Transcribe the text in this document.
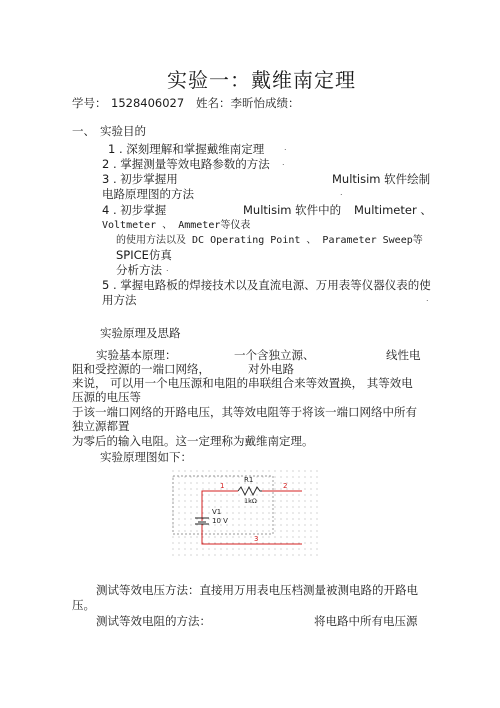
实验一：戴维南定理
学号： 1528406027 姓名：李昕怡成绩：
一、 实验目的
1 . 深刻理解和掌握戴维南定理 .
2 . 掌握测量等效电路参数的方法 .
3 . 初步掌握用	Multisim 软件绘制
电路原理图的方法	.
4 . 初步掌握	Multisim 软件中的 Multimeter 、
Voltmeter 、 Ammeter等仪表
的使用方法以及 DC Operating Point 、 Parameter Sweep等
SPICE仿真
分析方法 .
5 . 掌握电路板的焊接技术以及直流电源、万用表等仪器仪表的使
用方法	.
实验原理及思路
实验基本原理：	一个含独立源、	线性电
阻和受控源的一端口网络，	对外电路
来说， 可以用一个电压源和电阻的串联组合来等效置换， 其等效电
压源的电压等
于该一端口网络的开路电压，其等效电阻等于将该一端口网络中所有
独立源都置
为零后的输入电阻。这一定理称为戴维南定理。
实验原理图如下：
R1
1kΩ
V1
10 V
1	2
3
测试等效电压方法：直接用万用表电压档测量被测电路的开路电
压。
测试等效电阻的方法：	将电路中所有电压源
